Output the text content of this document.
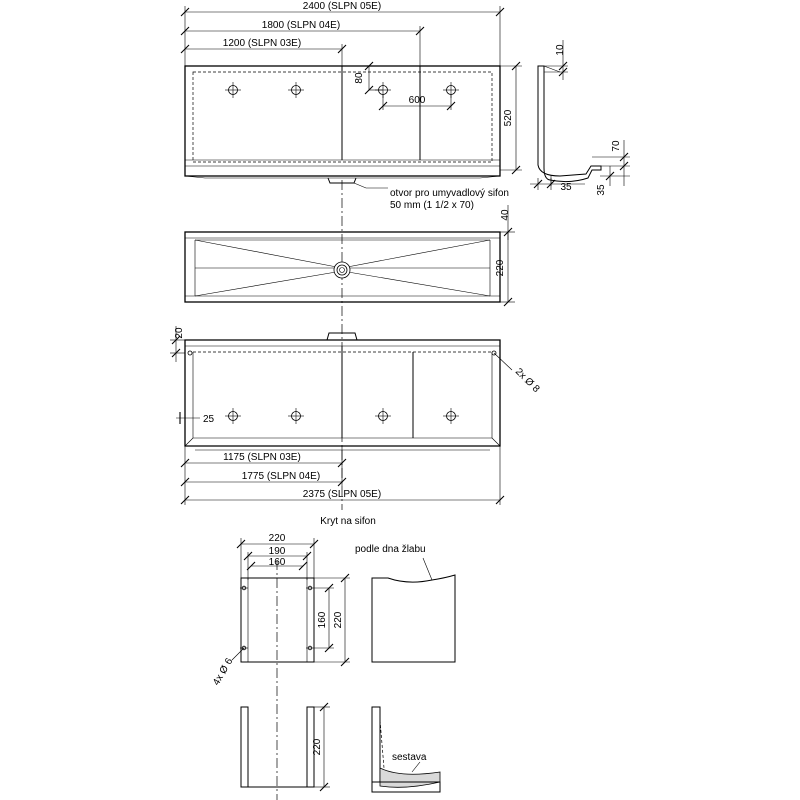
2400 (SLPN 05E)
1800 (SLPN 04E)
1200 (SLPN 03E)
80
600
520
otvor pro umyvadlový sifon
50 mm (1 1/2 x 70)
10
70
35 35
40
220
2x Ø 8
20
25
1175 (SLPN 03E)
1775 (SLPN 04E)
2375 (SLPN 05E)
Kryt na sifon
220
190
160
160 220
4x Ø 6
podle dna žlabu
220
sestava
